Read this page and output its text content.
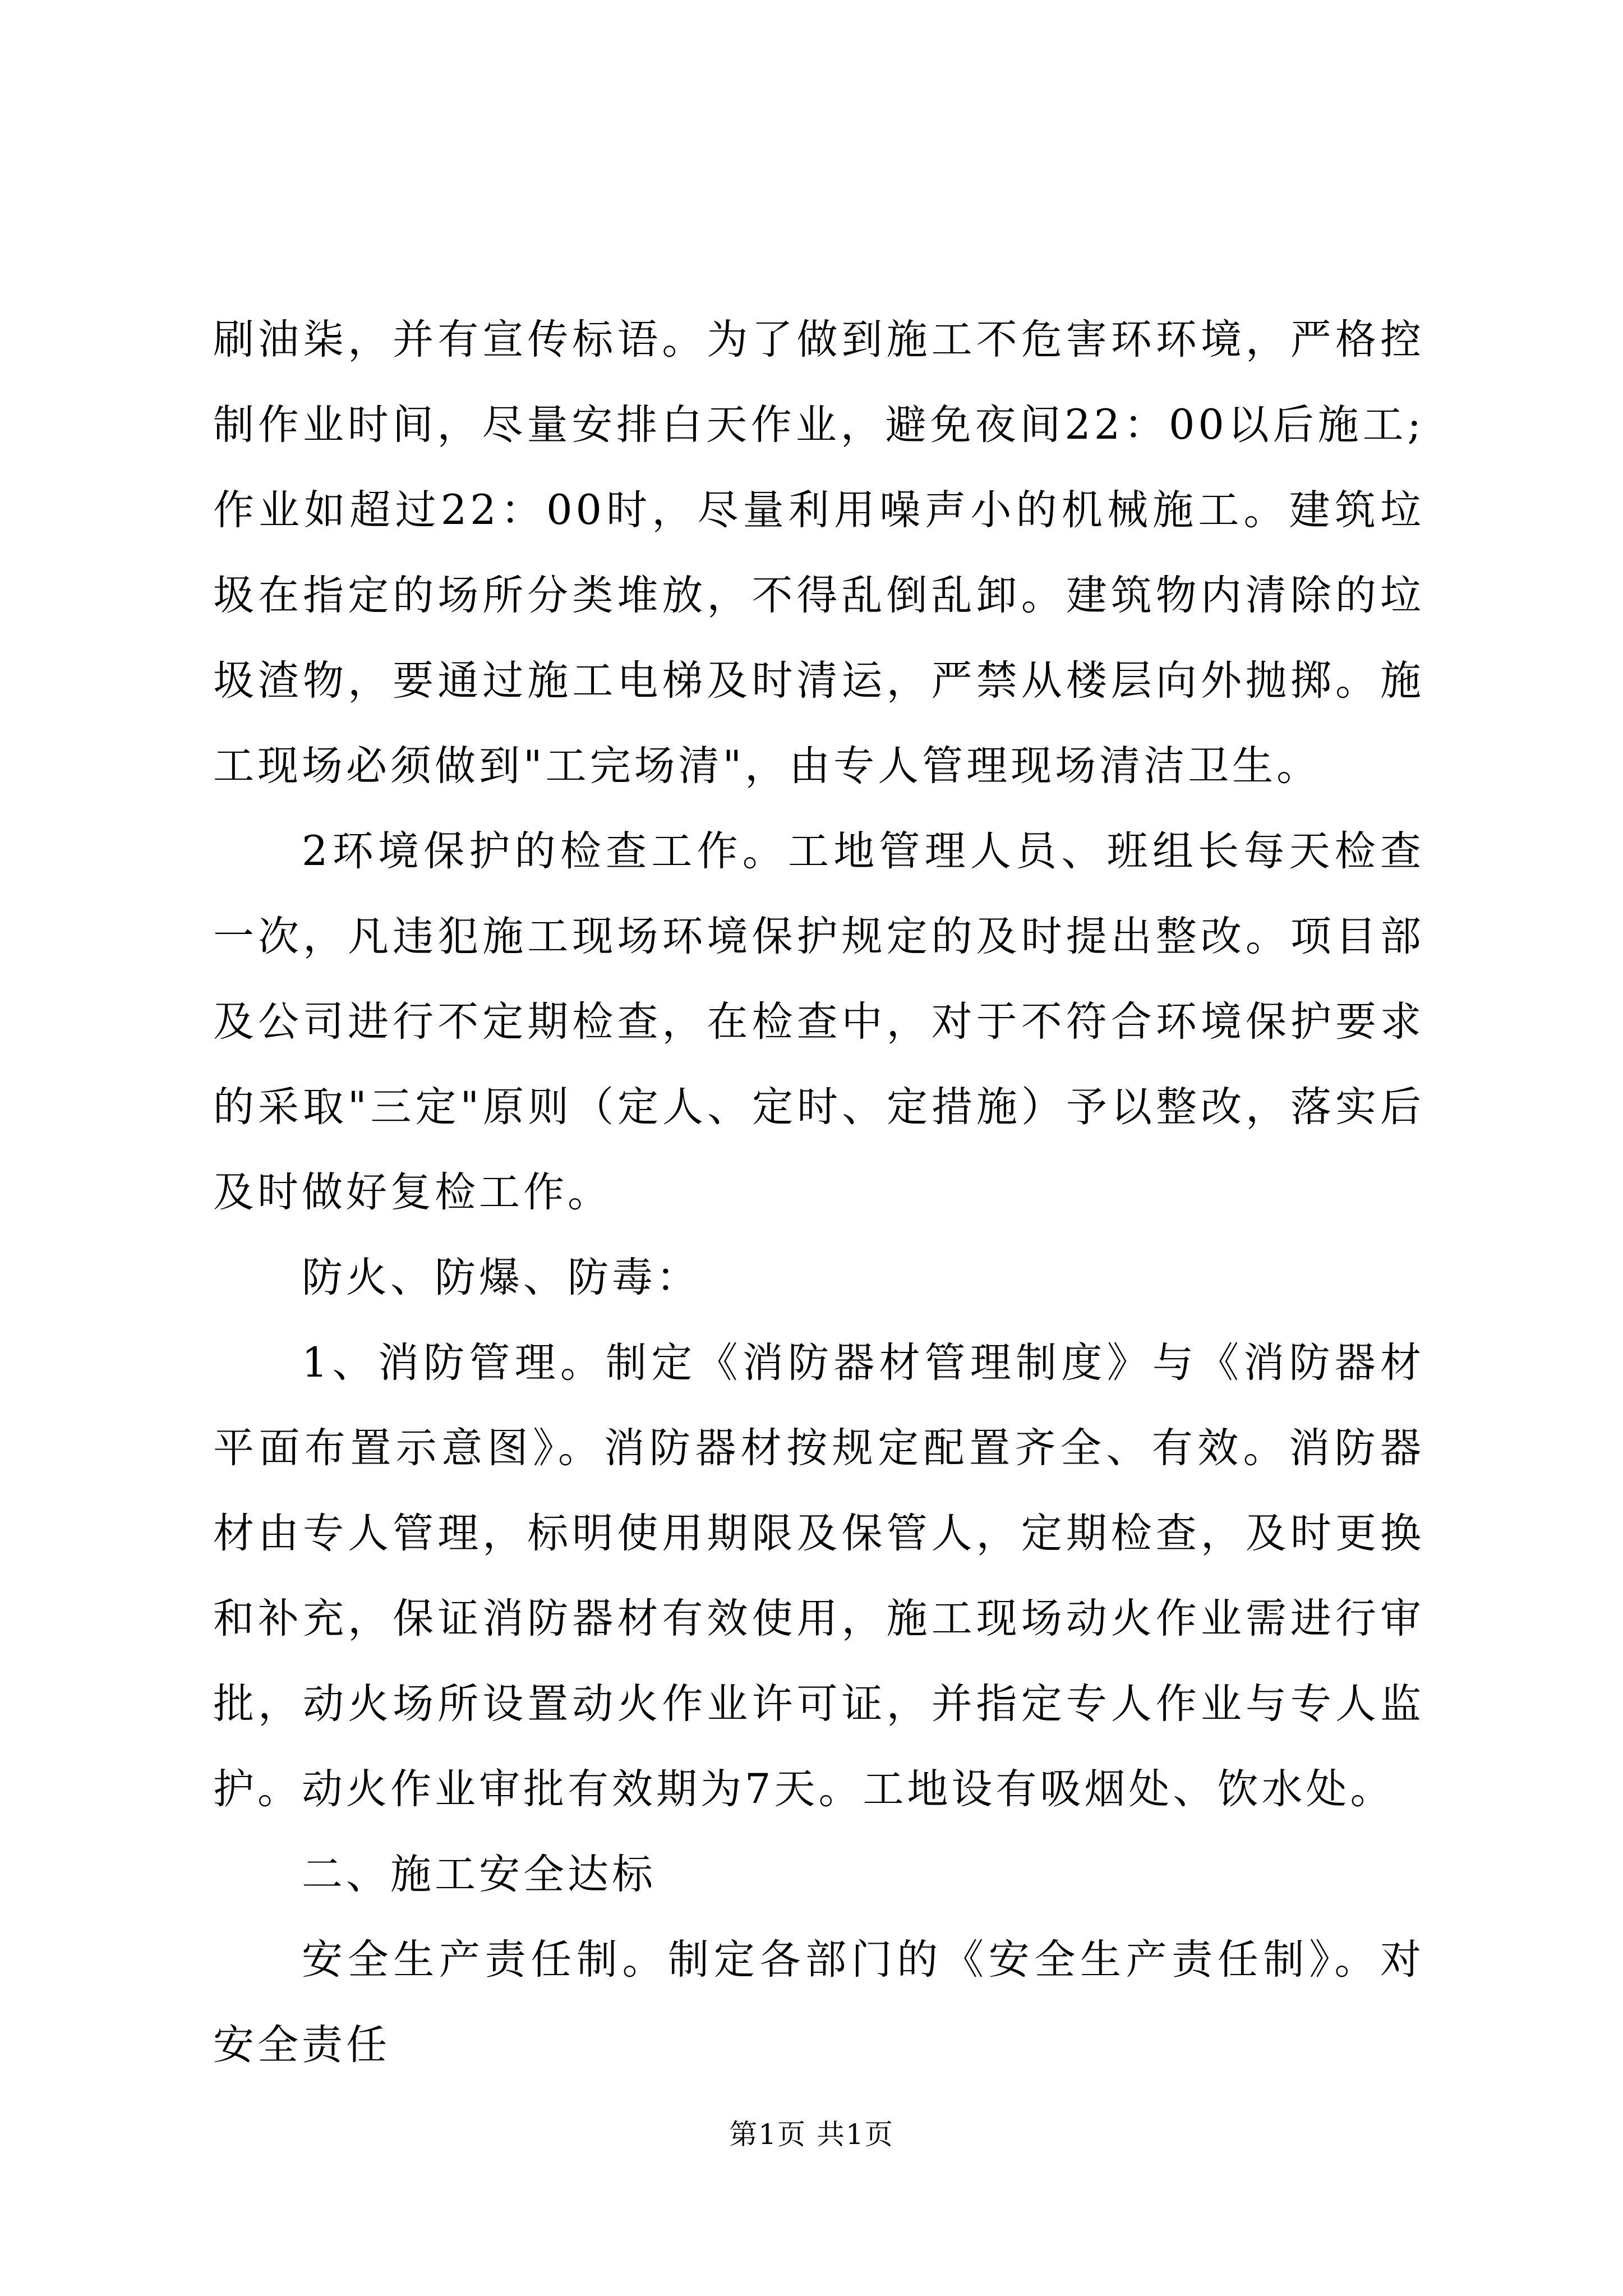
刷油柒，并有宣传标语。为了做到施工不危害环环境，严格控制作业时间，尽量安排白天作业，避免夜间22：00以后施工;作业如超过22：00时，尽量利用噪声小的机械施工。建筑垃圾在指定的场所分类堆放，不得乱倒乱卸。建筑物内清除的垃圾渣物，要通过施工电梯及时清运，严禁从楼层向外抛掷。施工现场必须做到"工完场清"，由专人管理现场清洁卫生。

2环境保护的检查工作。工地管理人员、班组长每天检查一次，凡违犯施工现场环境保护规定的及时提出整改。项目部及公司进行不定期检查，在检查中，对于不符合环境保护要求的采取"三定"原则（定人、定时、定措施）予以整改，落实后及时做好复检工作。

防火、防爆、防毒：

1、消防管理。制定《消防器材管理制度》与《消防器材平面布置示意图》。消防器材按规定配置齐全、有效。消防器材由专人管理，标明使用期限及保管人，定期检查，及时更换和补充，保证消防器材有效使用，施工现场动火作业需进行审批，动火场所设置动火作业许可证，并指定专人作业与专人监护。动火作业审批有效期为7天。工地设有吸烟处、饮水处。

二、施工安全达标

安全生产责任制。制定各部门的《安全生产责任制》。对安全责任

第1页 共1页
